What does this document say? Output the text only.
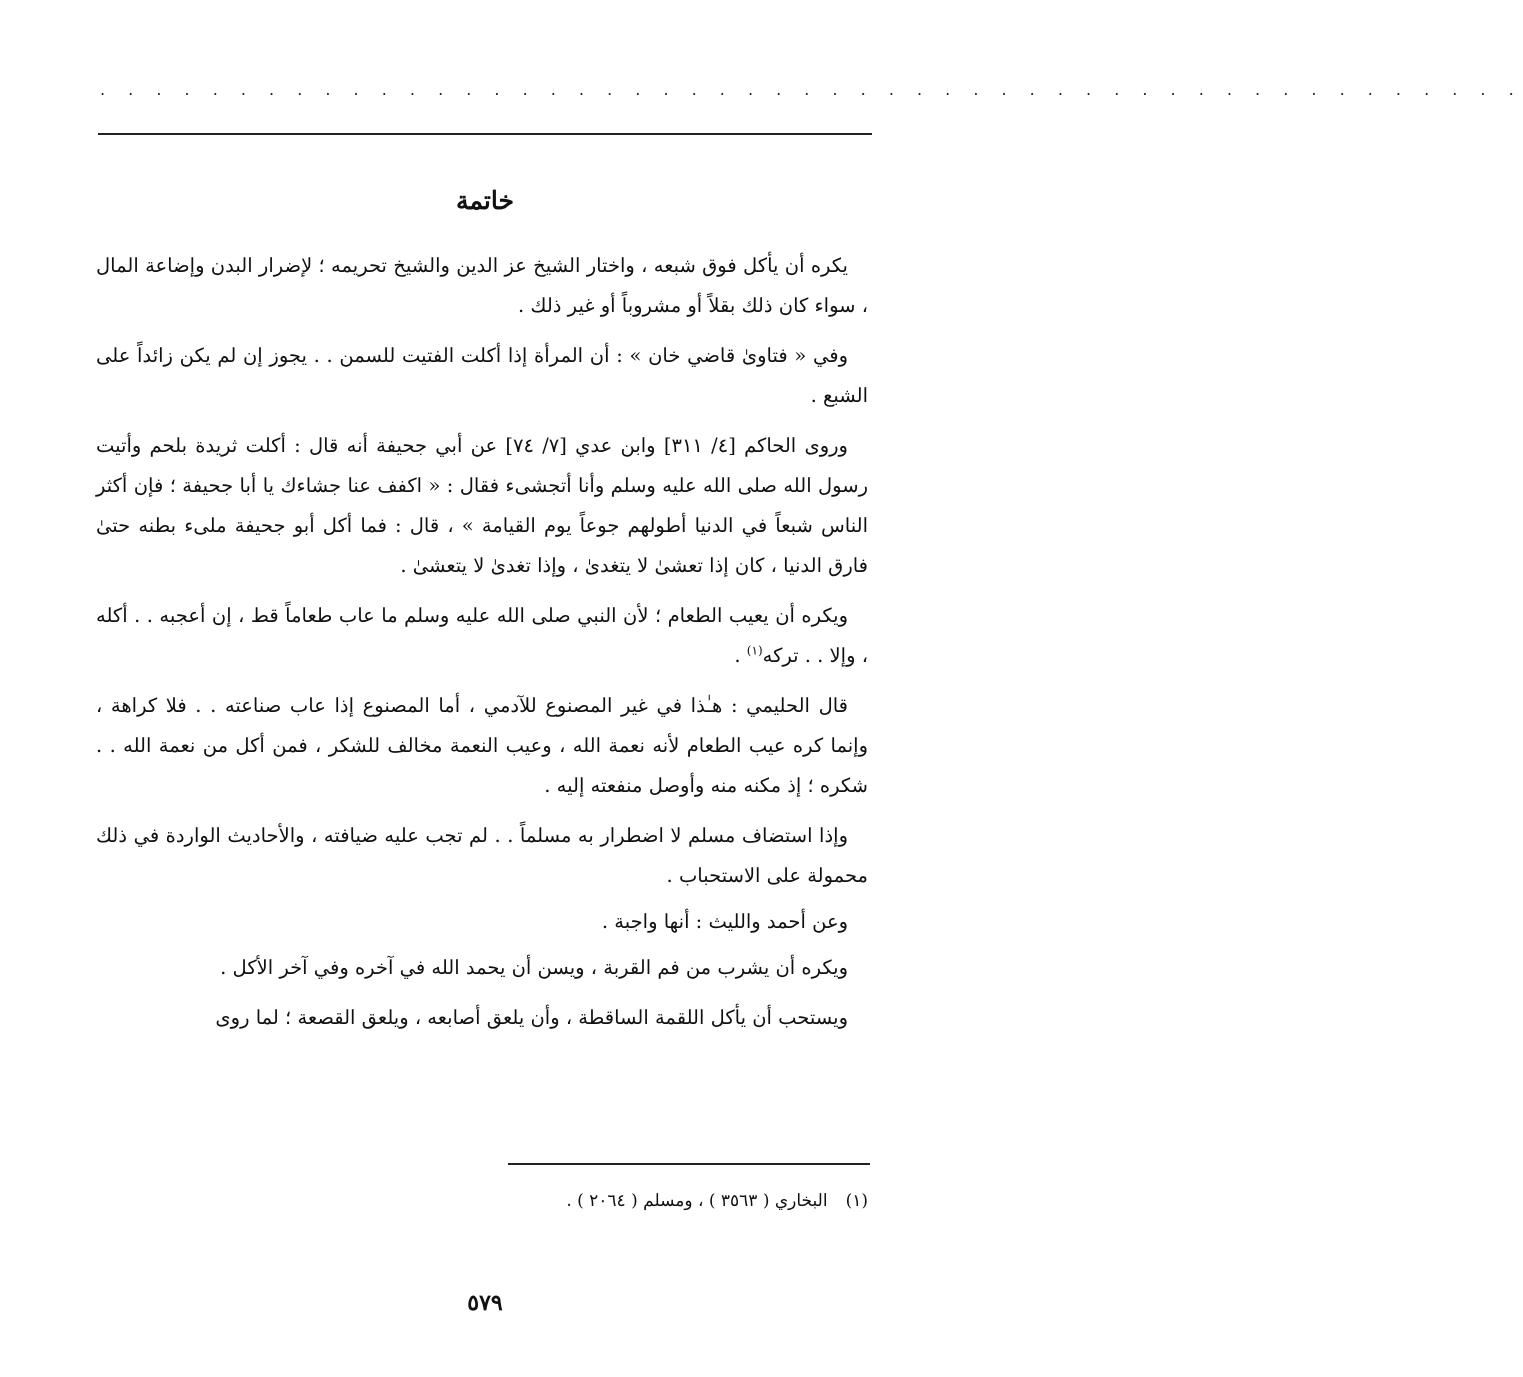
. . . . . . . . . . . . . . . . . . . . . . . . . . . . . . . . . . . . . . . . . . . . . . . . . . .
خاتمة

يكره أن يأكل فوق شبعه ، واختار الشيخ عز الدين والشيخ تحريمه ؛ لإضرار البدن وإضاعة المال ، سواء كان ذلك بقلاً أو مشروباً أو غير ذلك .

وفي « فتاوىٰ قاضي خان » : أن المرأة إذا أكلت الفتيت للسمن . . يجوز إن لم يكن زائداً على الشبع .

وروى الحاكم [٤/ ٣١١] وابن عدي [٧/ ٧٤] عن أبي جحيفة أنه قال : أكلت ثريدة بلحم وأتيت رسول الله صلى الله عليه وسلم وأنا أتجشىء فقال : « اكفف عنا جشاءك يا أبا جحيفة ؛ فإن أكثر الناس شبعاً في الدنيا أطولهم جوعاً يوم القيامة » ، قال : فما أكل أبو جحيفة ملىء بطنه حتىٰ فارق الدنيا ، كان إذا تعشىٰ لا يتغدىٰ ، وإذا تغدىٰ لا يتعشىٰ .

ويكره أن يعيب الطعام ؛ لأن النبي صلى الله عليه وسلم ما عاب طعاماً قط ، إن أعجبه . . أكله ، وإلا . . تركه$^{(١)}$ .

قال الحليمي : هـٰذا في غير المصنوع للآدمي ، أما المصنوع إذا عاب صناعته . . فلا كراهة ، وإنما كره عيب الطعام لأنه نعمة الله ، وعيب النعمة مخالف للشكر ، فمن أكل من نعمة الله . . شكره ؛ إذ مكنه منه وأوصل منفعته إليه .

وإذا استضاف مسلم لا اضطرار به مسلماً . . لم تجب عليه ضيافته ، والأحاديث الواردة في ذلك محمولة على الاستحباب .

وعن أحمد والليث : أنها واجبة .

ويكره أن يشرب من فم القربة ، ويسن أن يحمد الله في آخره وفي آخر الأكل .

ويستحب أن يأكل اللقمة الساقطة ، وأن يلعق أصابعه ، ويلعق القصعة ؛ لما روى

(١)البخاري ( ٣٥٦٣ ) ، ومسلم ( ٢٠٦٤ ) .
٥٧٩
